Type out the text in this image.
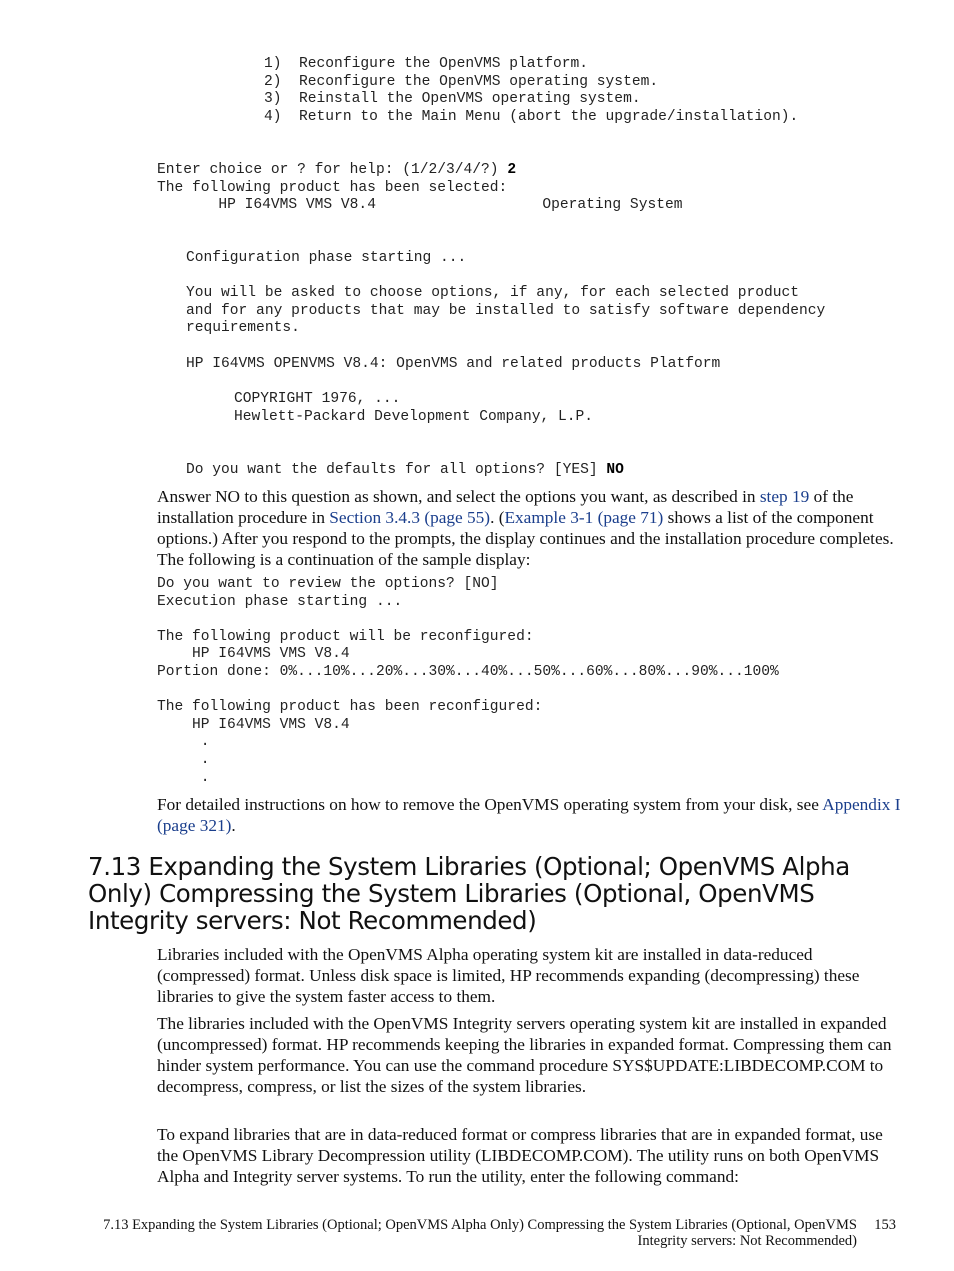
1)  Reconfigure the OpenVMS platform.
2)  Reconfigure the OpenVMS operating system.
3)  Reinstall the OpenVMS operating system.
4)  Return to the Main Menu (abort the upgrade/installation).
Enter choice or ? for help: (1/2/3/4/?) 2
The following product has been selected:
HP I64VMS VMS V8.4	Operating System
Configuration phase starting ...
You will be asked to choose options, if any, for each selected product
and for any products that may be installed to satisfy software dependency
requirements.
HP I64VMS OPENVMS V8.4: OpenVMS and related products Platform
COPYRIGHT 1976, ...
Hewlett-Packard Development Company, L.P.
Do you want the defaults for all options? [YES] NO

Answer NO to this question as shown, and select the options you want, as described in step 19 of the installation procedure in Section 3.4.3 (page 55). (Example 3-1 (page 71) shows a list of the component options.) After you respond to the prompts, the display continues and the installation procedure completes. The following is a continuation of the sample display:

Do you want to review the options? [NO]
Execution phase starting ...

The following product will be reconfigured:
HP I64VMS VMS V8.4
Portion done: 0%...10%...20%...30%...40%...50%...60%...80%...90%...100%

The following product has been reconfigured:
HP I64VMS VMS V8.4
.
.
.

For detailed instructions on how to remove the OpenVMS operating system from your disk, see Appendix I (page 321).

7.13 Expanding the System Libraries (Optional; OpenVMS Alpha Only) Compressing the System Libraries (Optional, OpenVMS Integrity servers: Not Recommended)

Libraries included with the OpenVMS Alpha operating system kit are installed in data-reduced (compressed) format. Unless disk space is limited, HP recommends expanding (decompressing) these libraries to give the system faster access to them.

The libraries included with the OpenVMS Integrity servers operating system kit are installed in expanded (uncompressed) format. HP recommends keeping the libraries in expanded format. Compressing them can hinder system performance. You can use the command procedure SYS$UPDATE:LIBDECOMP.COM to decompress, compress, or list the sizes of the system libraries.

To expand libraries that are in data-reduced format or compress libraries that are in expanded format, use the OpenVMS Library Decompression utility (LIBDECOMP.COM). The utility runs on both OpenVMS Alpha and Integrity server systems. To run the utility, enter the following command:

7.13 Expanding the System Libraries (Optional; OpenVMS Alpha Only) Compressing the System Libraries (Optional, OpenVMS Integrity servers: Not Recommended)
153
